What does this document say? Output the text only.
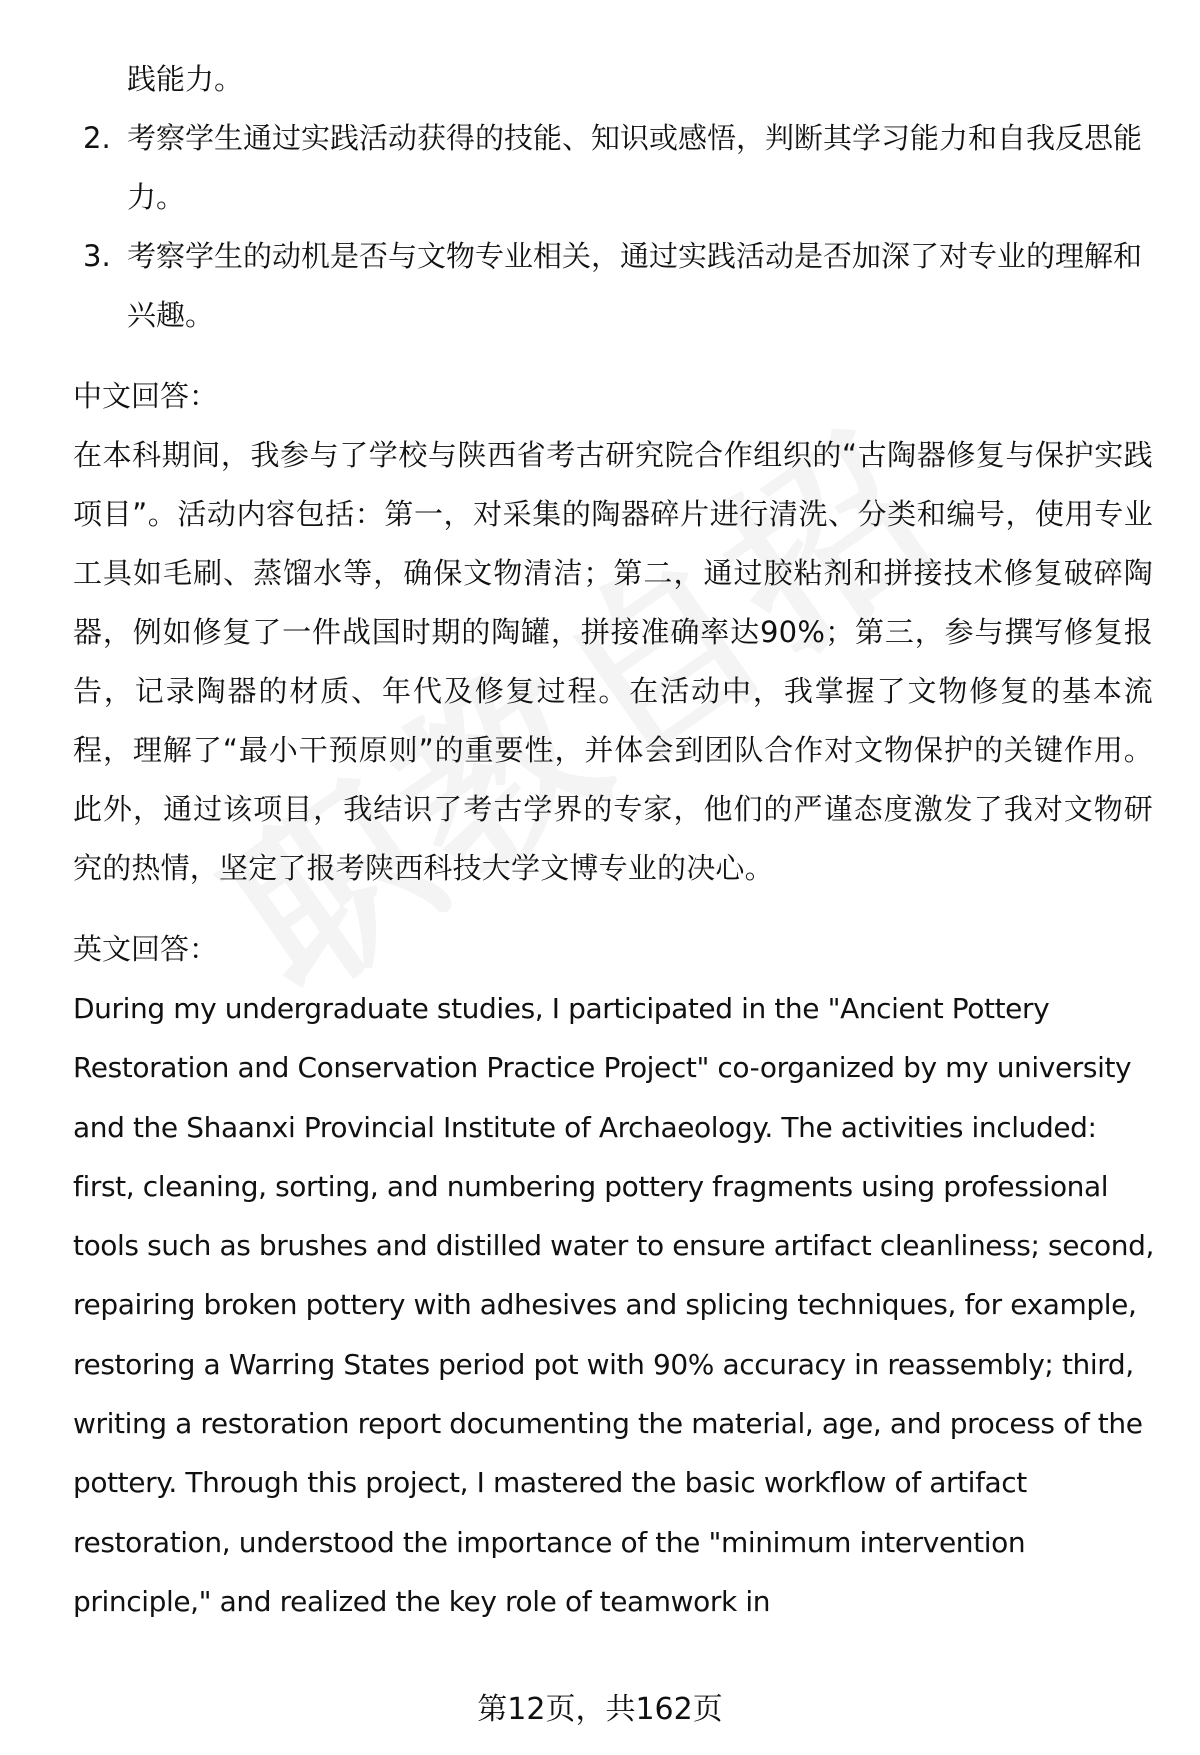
践能力。

2. 考察学生通过实践活动获得的技能、知识或感悟，判断其学习能力和自我反思能力。
3. 考察学生的动机是否与文物专业相关，通过实践活动是否加深了对专业的理解和兴趣。
中文回答：

在本科期间，我参与了学校与陕西省考古研究院合作组织的“古陶器修复与保护实践项目”。活动内容包括：第一，对采集的陶器碎片进行清洗、分类和编号，使用专业工具如毛刷、蒸馏水等，确保文物清洁；第二，通过胶粘剂和拼接技术修复破碎陶器，例如修复了一件战国时期的陶罐，拼接准确率达90%；第三，参与撰写修复报告，记录陶器的材质、年代及修复过程。在活动中，我掌握了文物修复的基本流程，理解了“最小干预原则”的重要性，并体会到团队合作对文物保护的关键作用。此外，通过该项目，我结识了考古学界的专家，他们的严谨态度激发了我对文物研究的热情，坚定了报考陕西科技大学文博专业的决心。

英文回答：

During my undergraduate studies, I participated in the "Ancient Pottery Restoration and Conservation Practice Project" co-organized by my university and the Shaanxi Provincial Institute of Archaeology. The activities included: first, cleaning, sorting, and numbering pottery fragments using professional tools such as brushes and distilled water to ensure artifact cleanliness; second, repairing broken pottery with adhesives and splicing techniques, for example, restoring a Warring States period pot with 90% accuracy in reassembly; third, writing a restoration report documenting the material, age, and process of the pottery. Through this project, I mastered the basic workflow of artifact restoration, understood the importance of the "minimum intervention principle," and realized the key role of teamwork in

第12页，共162页
